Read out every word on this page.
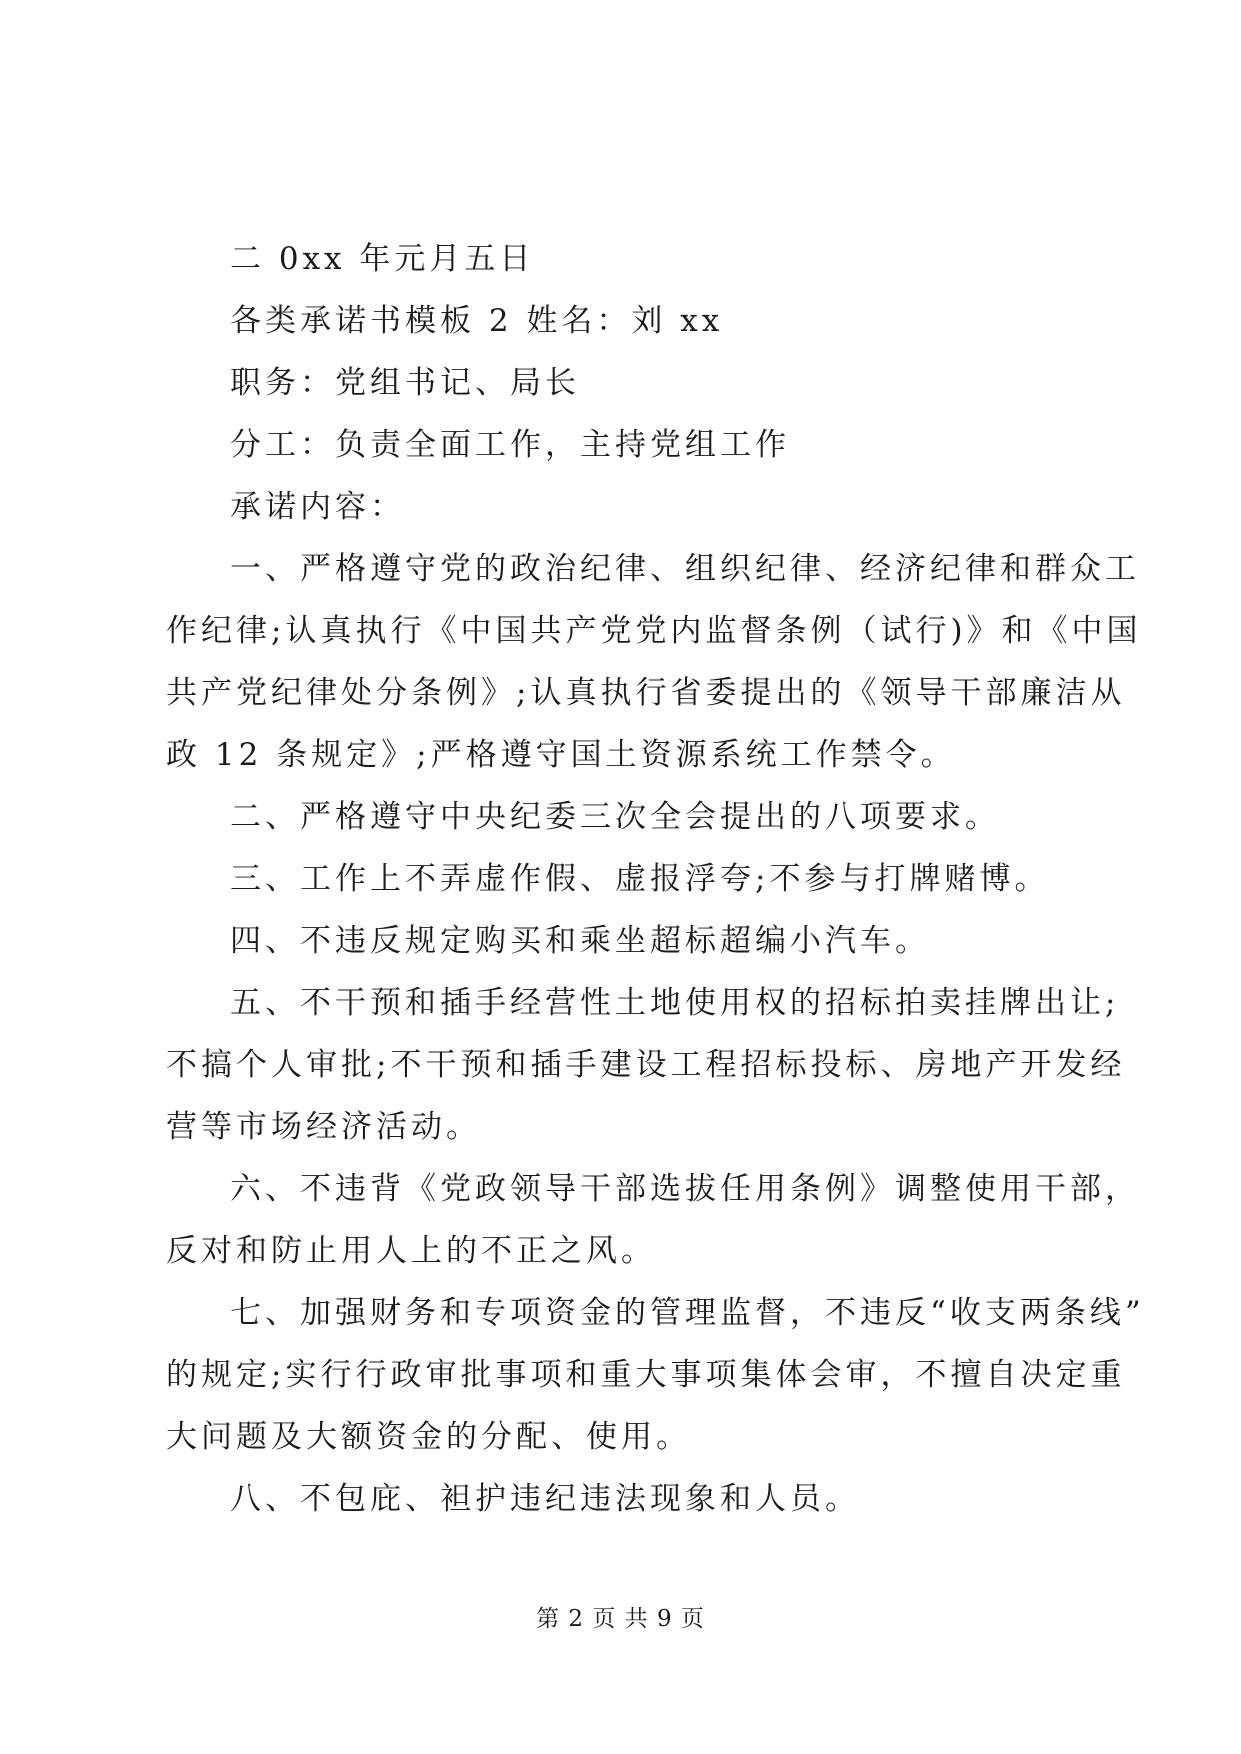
二 0xx 年元月五日
各类承诺书模板 2 姓名：刘 xx
职务：党组书记、局长
分工：负责全面工作，主持党组工作
承诺内容：
一、严格遵守党的政治纪律、组织纪律、经济纪律和群众工
作纪律;认真执行《中国共产党党内监督条例（试行)》和《中国
共产党纪律处分条例》;认真执行省委提出的《领导干部廉洁从
政 12 条规定》;严格遵守国土资源系统工作禁令。
二、严格遵守中央纪委三次全会提出的八项要求。
三、工作上不弄虚作假、虚报浮夸;不参与打牌赌博。
四、不违反规定购买和乘坐超标超编小汽车。
五、不干预和插手经营性土地使用权的招标拍卖挂牌出让;
不搞个人审批;不干预和插手建设工程招标投标、房地产开发经
营等市场经济活动。
六、不违背《党政领导干部选拔任用条例》调整使用干部，
反对和防止用人上的不正之风。
七、加强财务和专项资金的管理监督，不违反“收支两条线”
的规定;实行行政审批事项和重大事项集体会审，不擅自决定重
大问题及大额资金的分配、使用。
八、不包庇、袒护违纪违法现象和人员。
第 2 页 共 9 页
